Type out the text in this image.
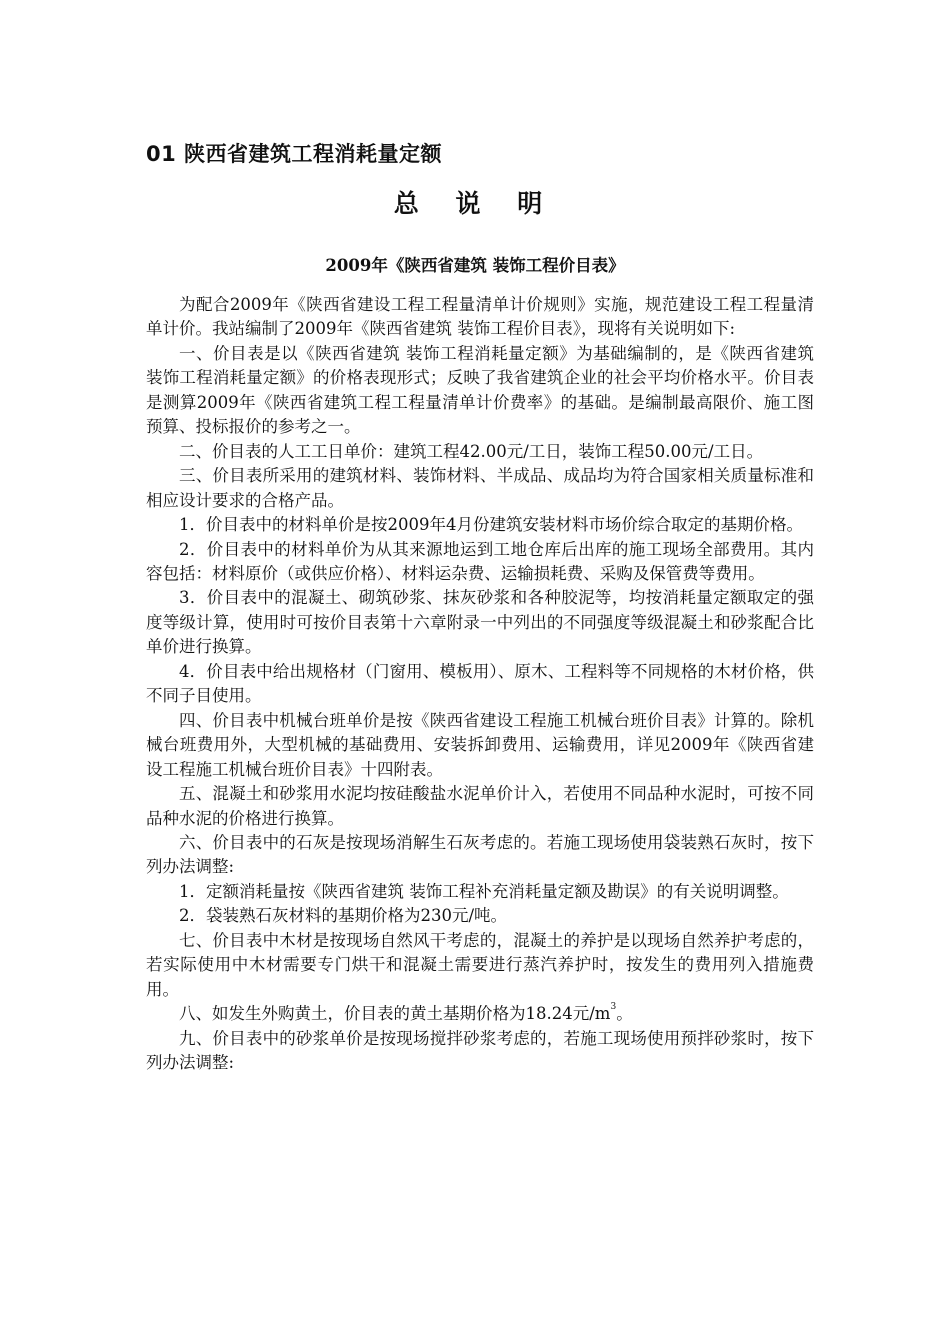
01 陕西省建筑工程消耗量定额
总 说 明
2009年《陕西省建筑 装饰工程价目表》

为配合2009年《陕西省建设工程工程量清单计价规则》实施，规范建设工程工程量清单计价。我站编制了2009年《陕西省建筑 装饰工程价目表》，现将有关说明如下:

一、价目表是以《陕西省建筑 装饰工程消耗量定额》为基础编制的，是《陕西省建筑 装饰工程消耗量定额》的价格表现形式；反映了我省建筑企业的社会平均价格水平。价目表是测算2009年《陕西省建筑工程工程量清单计价费率》的基础。是编制最高限价、施工图预算、投标报价的参考之一。

二、价目表的人工工日单价：建筑工程42.00元/工日，装饰工程50.00元/工日。

三、价目表所采用的建筑材料、装饰材料、半成品、成品均为符合国家相关质量标准和相应设计要求的合格产品。

1．价目表中的材料单价是按2009年4月份建筑安装材料市场价综合取定的基期价格。

2．价目表中的材料单价为从其来源地运到工地仓库后出库的施工现场全部费用。其内容包括：材料原价（或供应价格）、材料运杂费、运输损耗费、采购及保管费等费用。

3．价目表中的混凝土、砌筑砂浆、抹灰砂浆和各种胶泥等，均按消耗量定额取定的强度等级计算，使用时可按价目表第十六章附录一中列出的不同强度等级混凝土和砂浆配合比单价进行换算。

4．价目表中给出规格材（门窗用、模板用）、原木、工程料等不同规格的木材价格，供不同子目使用。

四、价目表中机械台班单价是按《陕西省建设工程施工机械台班价目表》计算的。除机械台班费用外，大型机械的基础费用、安装拆卸费用、运输费用，详见2009年《陕西省建设工程施工机械台班价目表》十四附表。

五、混凝土和砂浆用水泥均按硅酸盐水泥单价计入，若使用不同品种水泥时，可按不同品种水泥的价格进行换算。

六、价目表中的石灰是按现场消解生石灰考虑的。若施工现场使用袋装熟石灰时，按下列办法调整:

1．定额消耗量按《陕西省建筑 装饰工程补充消耗量定额及勘误》的有关说明调整。

2．袋装熟石灰材料的基期价格为230元/吨。

七、价目表中木材是按现场自然风干考虑的，混凝土的养护是以现场自然养护考虑的，若实际使用中木材需要专门烘干和混凝土需要进行蒸汽养护时，按发生的费用列入措施费用。

八、如发生外购黄土，价目表的黄土基期价格为18.24元$/m^3$。

九、价目表中的砂浆单价是按现场搅拌砂浆考虑的，若施工现场使用预拌砂浆时，按下列办法调整:
